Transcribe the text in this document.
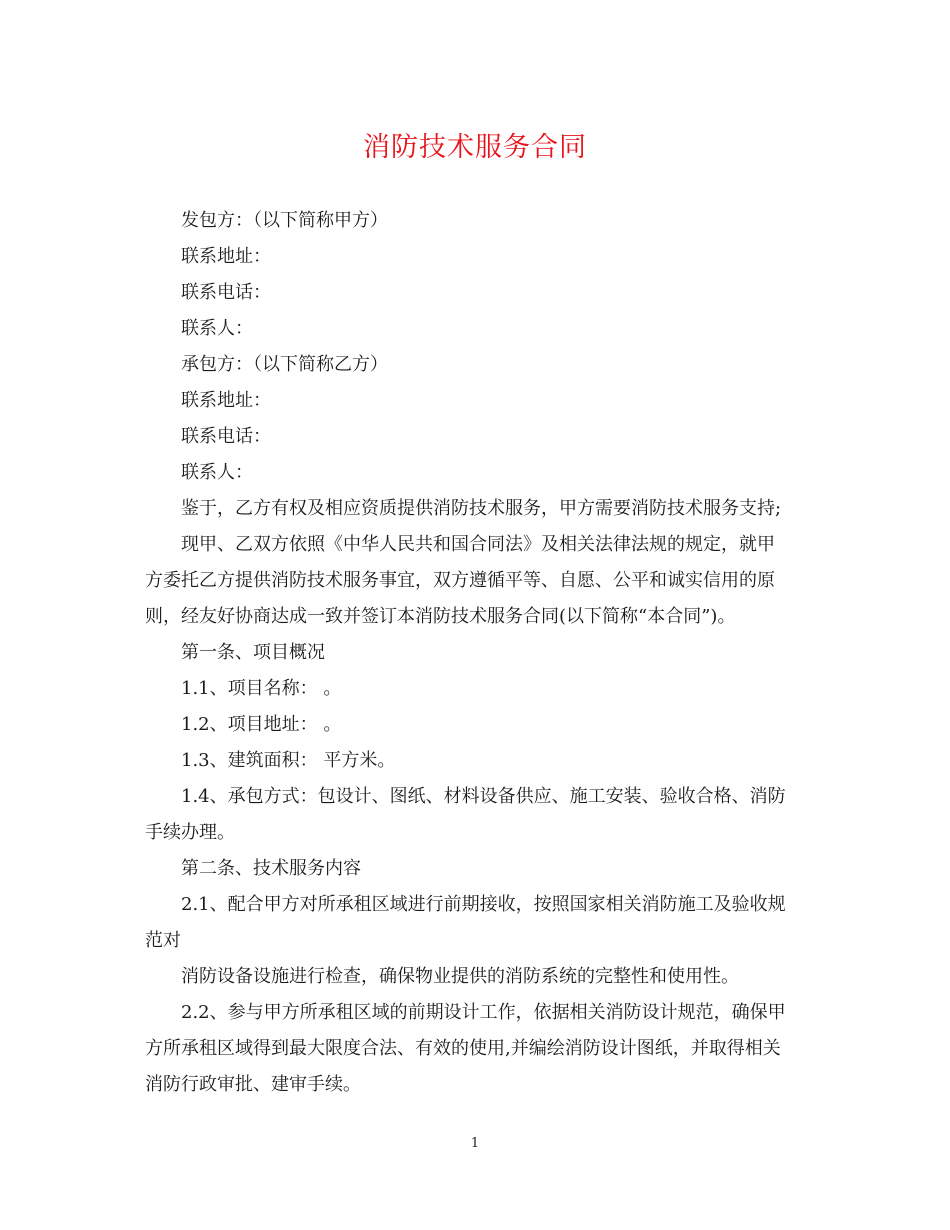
消防技术服务合同

发包方：（以下简称甲方）

联系地址：

联系电话：

联系人：

承包方：（以下简称乙方）

联系地址：

联系电话：

联系人：

鉴于，乙方有权及相应资质提供消防技术服务，甲方需要消防技术服务支持;

现甲、乙双方依照《中华人民共和国合同法》及相关法律法规的规定，就甲

方委托乙方提供消防技术服务事宜，双方遵循平等、自愿、公平和诚实信用的原

则，经友好协商达成一致并签订本消防技术服务合同(以下简称“本合同”)。

第一条、项目概况

1.1、项目名称： 。

1.2、项目地址： 。

1.3、建筑面积： 平方米。

1.4、承包方式：包设计、图纸、材料设备供应、施工安装、验收合格、消防

手续办理。

第二条、技术服务内容

2.1、配合甲方对所承租区域进行前期接收，按照国家相关消防施工及验收规

范对

消防设备设施进行检查，确保物业提供的消防系统的完整性和使用性。

2.2、参与甲方所承租区域的前期设计工作，依据相关消防设计规范，确保甲

方所承租区域得到最大限度合法、有效的使用,并编绘消防设计图纸，并取得相关

消防行政审批、建审手续。

1
